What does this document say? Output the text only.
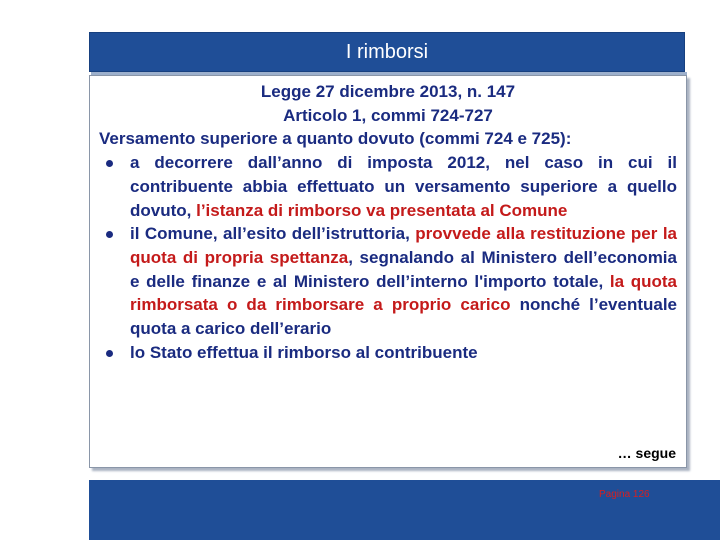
I rimborsi
Legge 27 dicembre 2013, n. 147
Articolo 1, commi 724-727
Versamento superiore a quanto dovuto (commi 724 e 725):
a decorrere dall’anno di imposta 2012, nel caso in cui il contribuente abbia effettuato un versamento superiore a quello dovuto, l’istanza di rimborso va presentata al Comune
il Comune, all’esito dell’istruttoria, provvede alla restituzione per la quota di propria spettanza, segnalando al Ministero dell’economia e delle finanze e al Ministero dell’interno l'importo totale, la quota rimborsata o da rimborsare a proprio carico nonché l’eventuale quota a carico dell’erario
lo Stato effettua il rimborso al contribuente
… segue
Pagina 126
